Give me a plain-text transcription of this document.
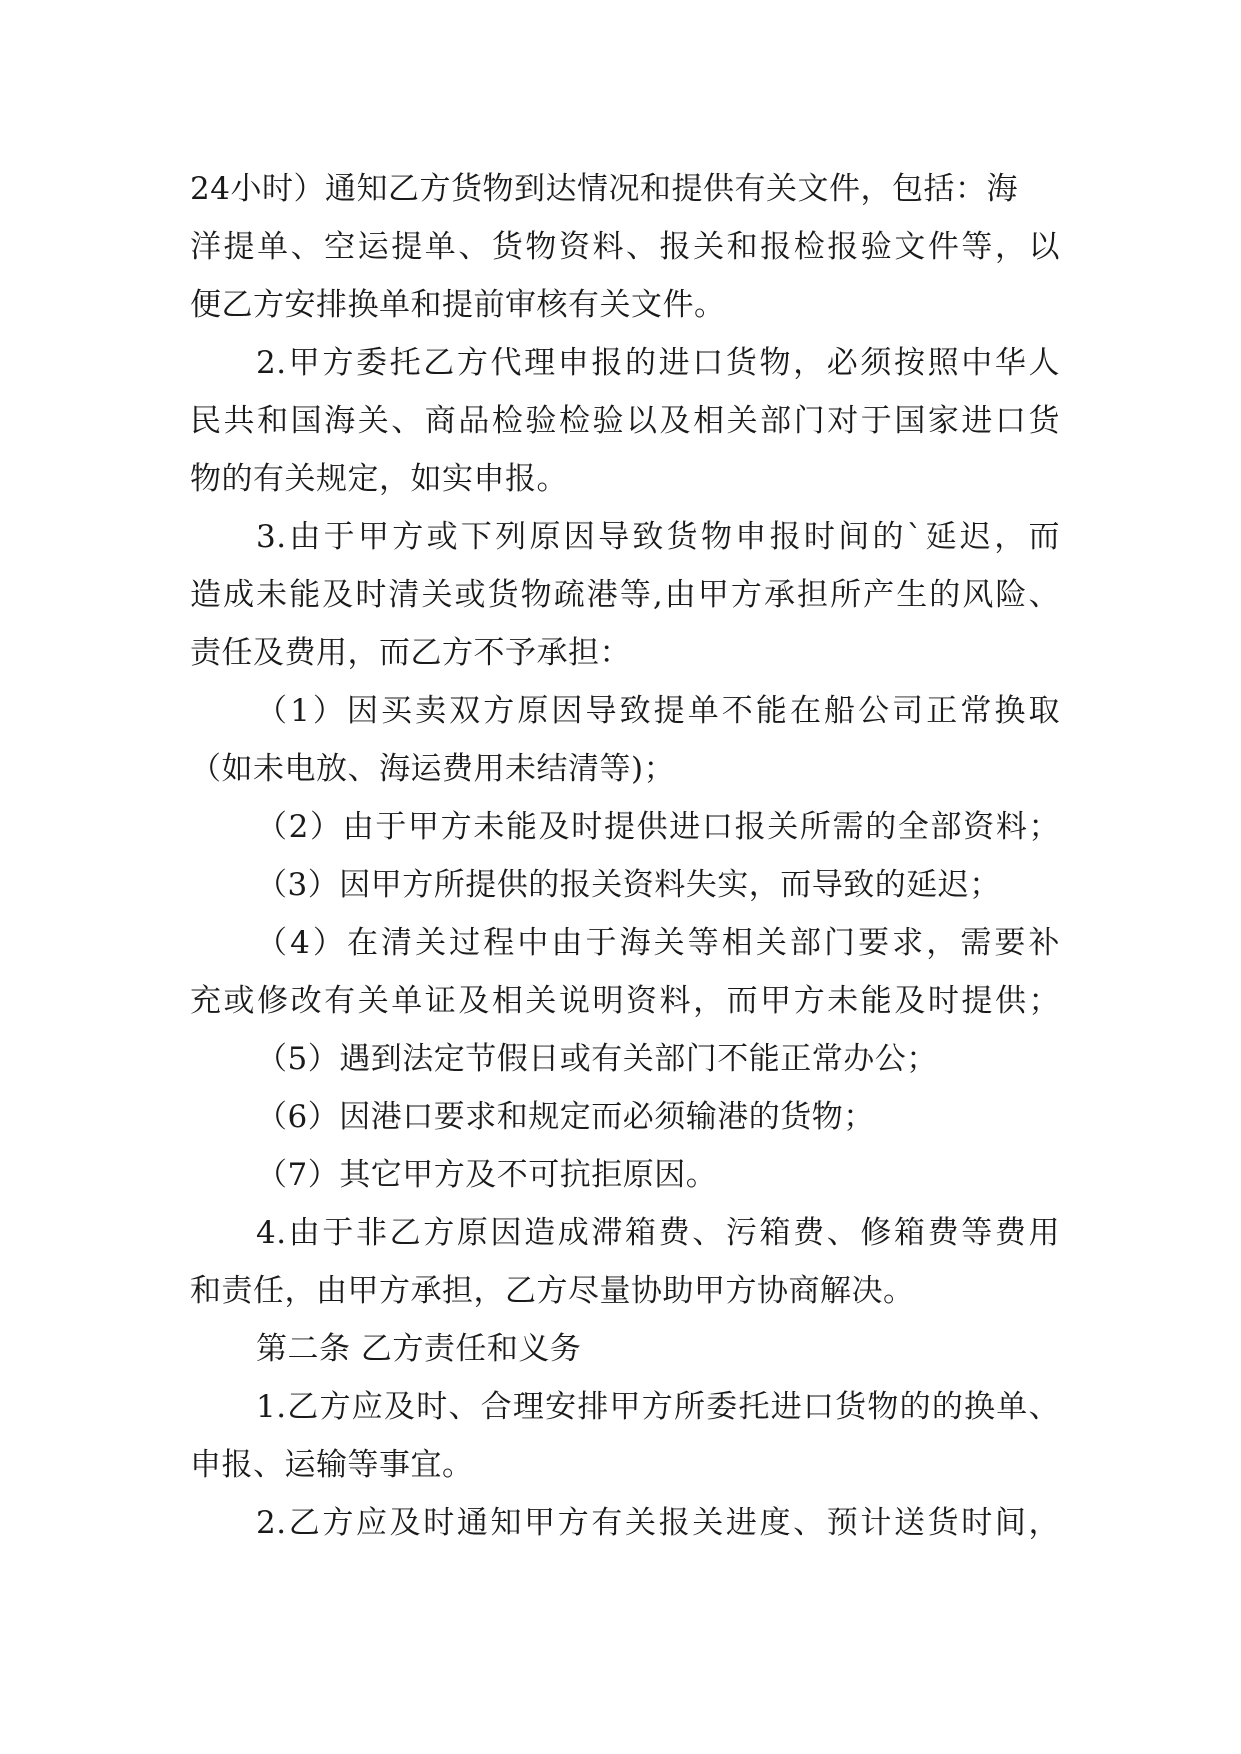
24小时）通知乙方货物到达情况和提供有关文件，包括：海
洋提单、空运提单、货物资料、报关和报检报验文件等，以
便乙方安排换单和提前审核有关文件。
2.甲方委托乙方代理申报的进口货物，必须按照中华人
民共和国海关、商品检验检验以及相关部门对于国家进口货
物的有关规定，如实申报。
3.由于甲方或下列原因导致货物申报时间的`延迟，而
造成未能及时清关或货物疏港等,由甲方承担所产生的风险、
责任及费用，而乙方不予承担：
（1）因买卖双方原因导致提单不能在船公司正常换取
（如未电放、海运费用未结清等)；
（2）由于甲方未能及时提供进口报关所需的全部资料；
（3）因甲方所提供的报关资料失实，而导致的延迟；
（4）在清关过程中由于海关等相关部门要求，需要补
充或修改有关单证及相关说明资料，而甲方未能及时提供；
（5）遇到法定节假日或有关部门不能正常办公；
（6）因港口要求和规定而必须输港的货物；
（7）其它甲方及不可抗拒原因。
4.由于非乙方原因造成滞箱费、污箱费、修箱费等费用
和责任，由甲方承担，乙方尽量协助甲方协商解决。
第二条 乙方责任和义务
1.乙方应及时、合理安排甲方所委托进口货物的的换单、
申报、运输等事宜。
2.乙方应及时通知甲方有关报关进度、预计送货时间，
